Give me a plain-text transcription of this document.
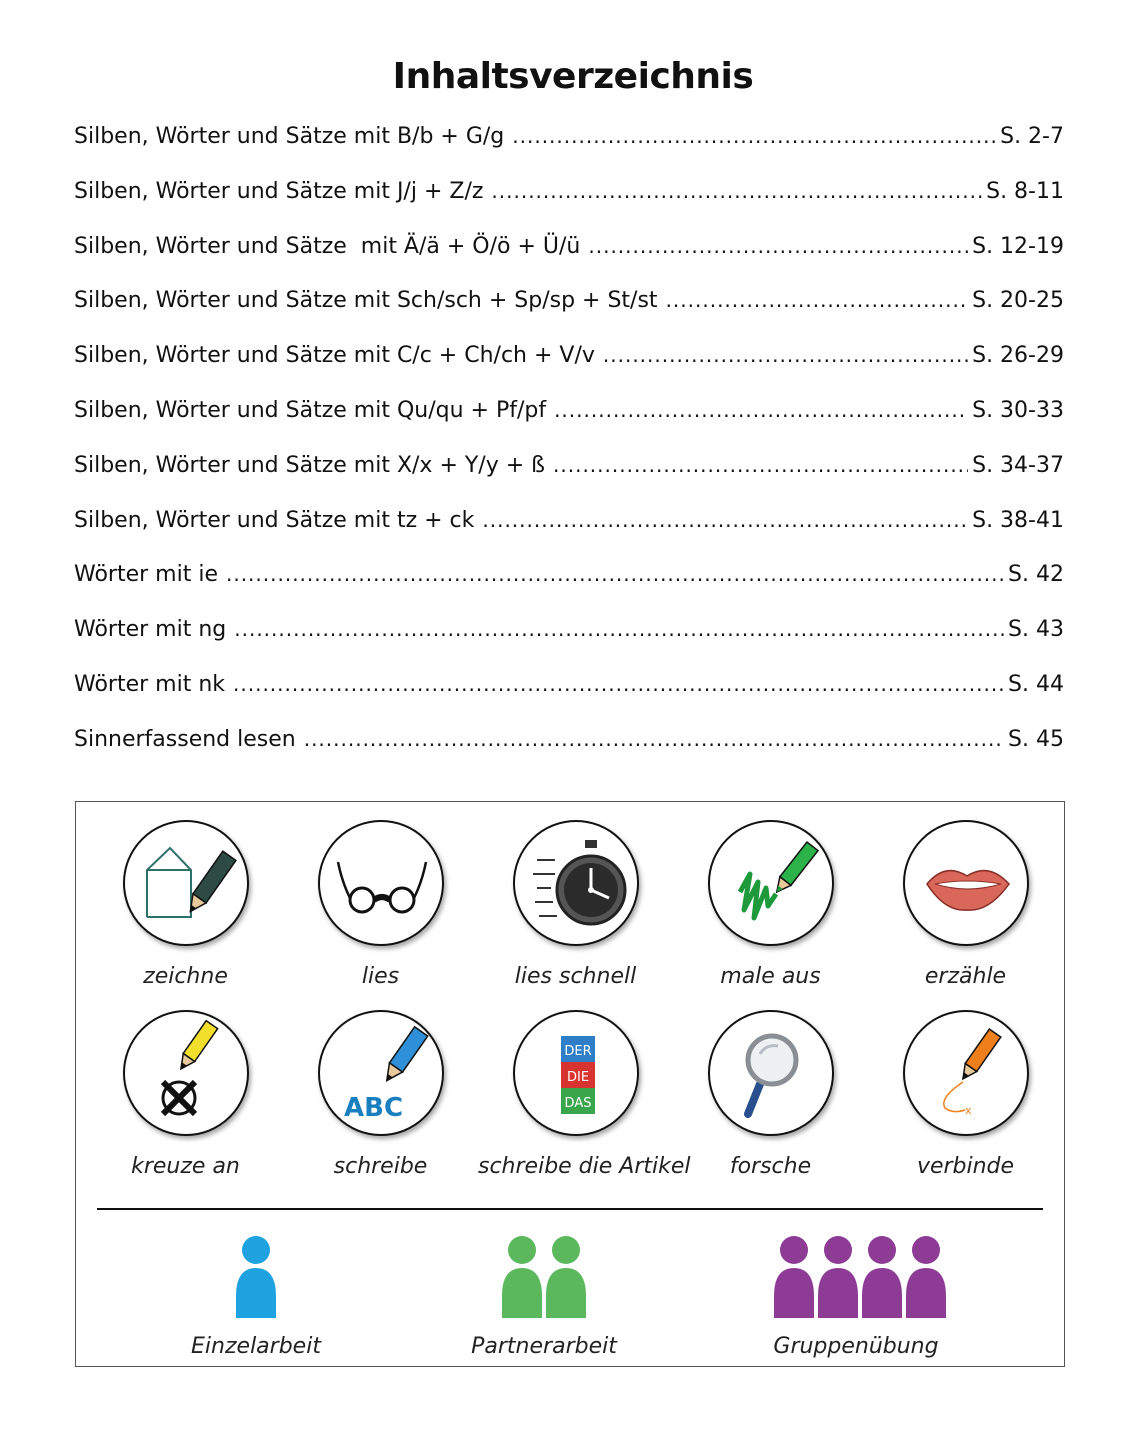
Inhaltsverzeichnis
Silben, Wörter und Sätze mit B/b + G/g .....	S. 2-7
Silben, Wörter und Sätze mit J/j + Z/z .....	S. 8-11
Silben, Wörter und Sätze  mit Ä/ä + Ö/ö + Ü/ü .....	S. 12-19
Silben, Wörter und Sätze mit Sch/sch + Sp/sp + St/st .....	S. 20-25
Silben, Wörter und Sätze mit C/c + Ch/ch + V/v .....	S. 26-29
Silben, Wörter und Sätze mit Qu/qu + Pf/pf .....	S. 30-33
Silben, Wörter und Sätze mit X/x + Y/y + ß .....	S. 34-37
Silben, Wörter und Sätze mit tz + ck .....	S. 38-41
Wörter mit ie .....	S. 42
Wörter mit ng .....	S. 43
Wörter mit nk .....	S. 44
Sinnerfassend lesen .....	S. 45
zeichne	lies	lies schnell	male aus	erzähle
kreuze an
ABC
schreibe
DER
DIE
DAS
schreibe die Artikel	forsche
x
verbinde
Einzelarbeit	Partnerarbeit	Gruppenübung
